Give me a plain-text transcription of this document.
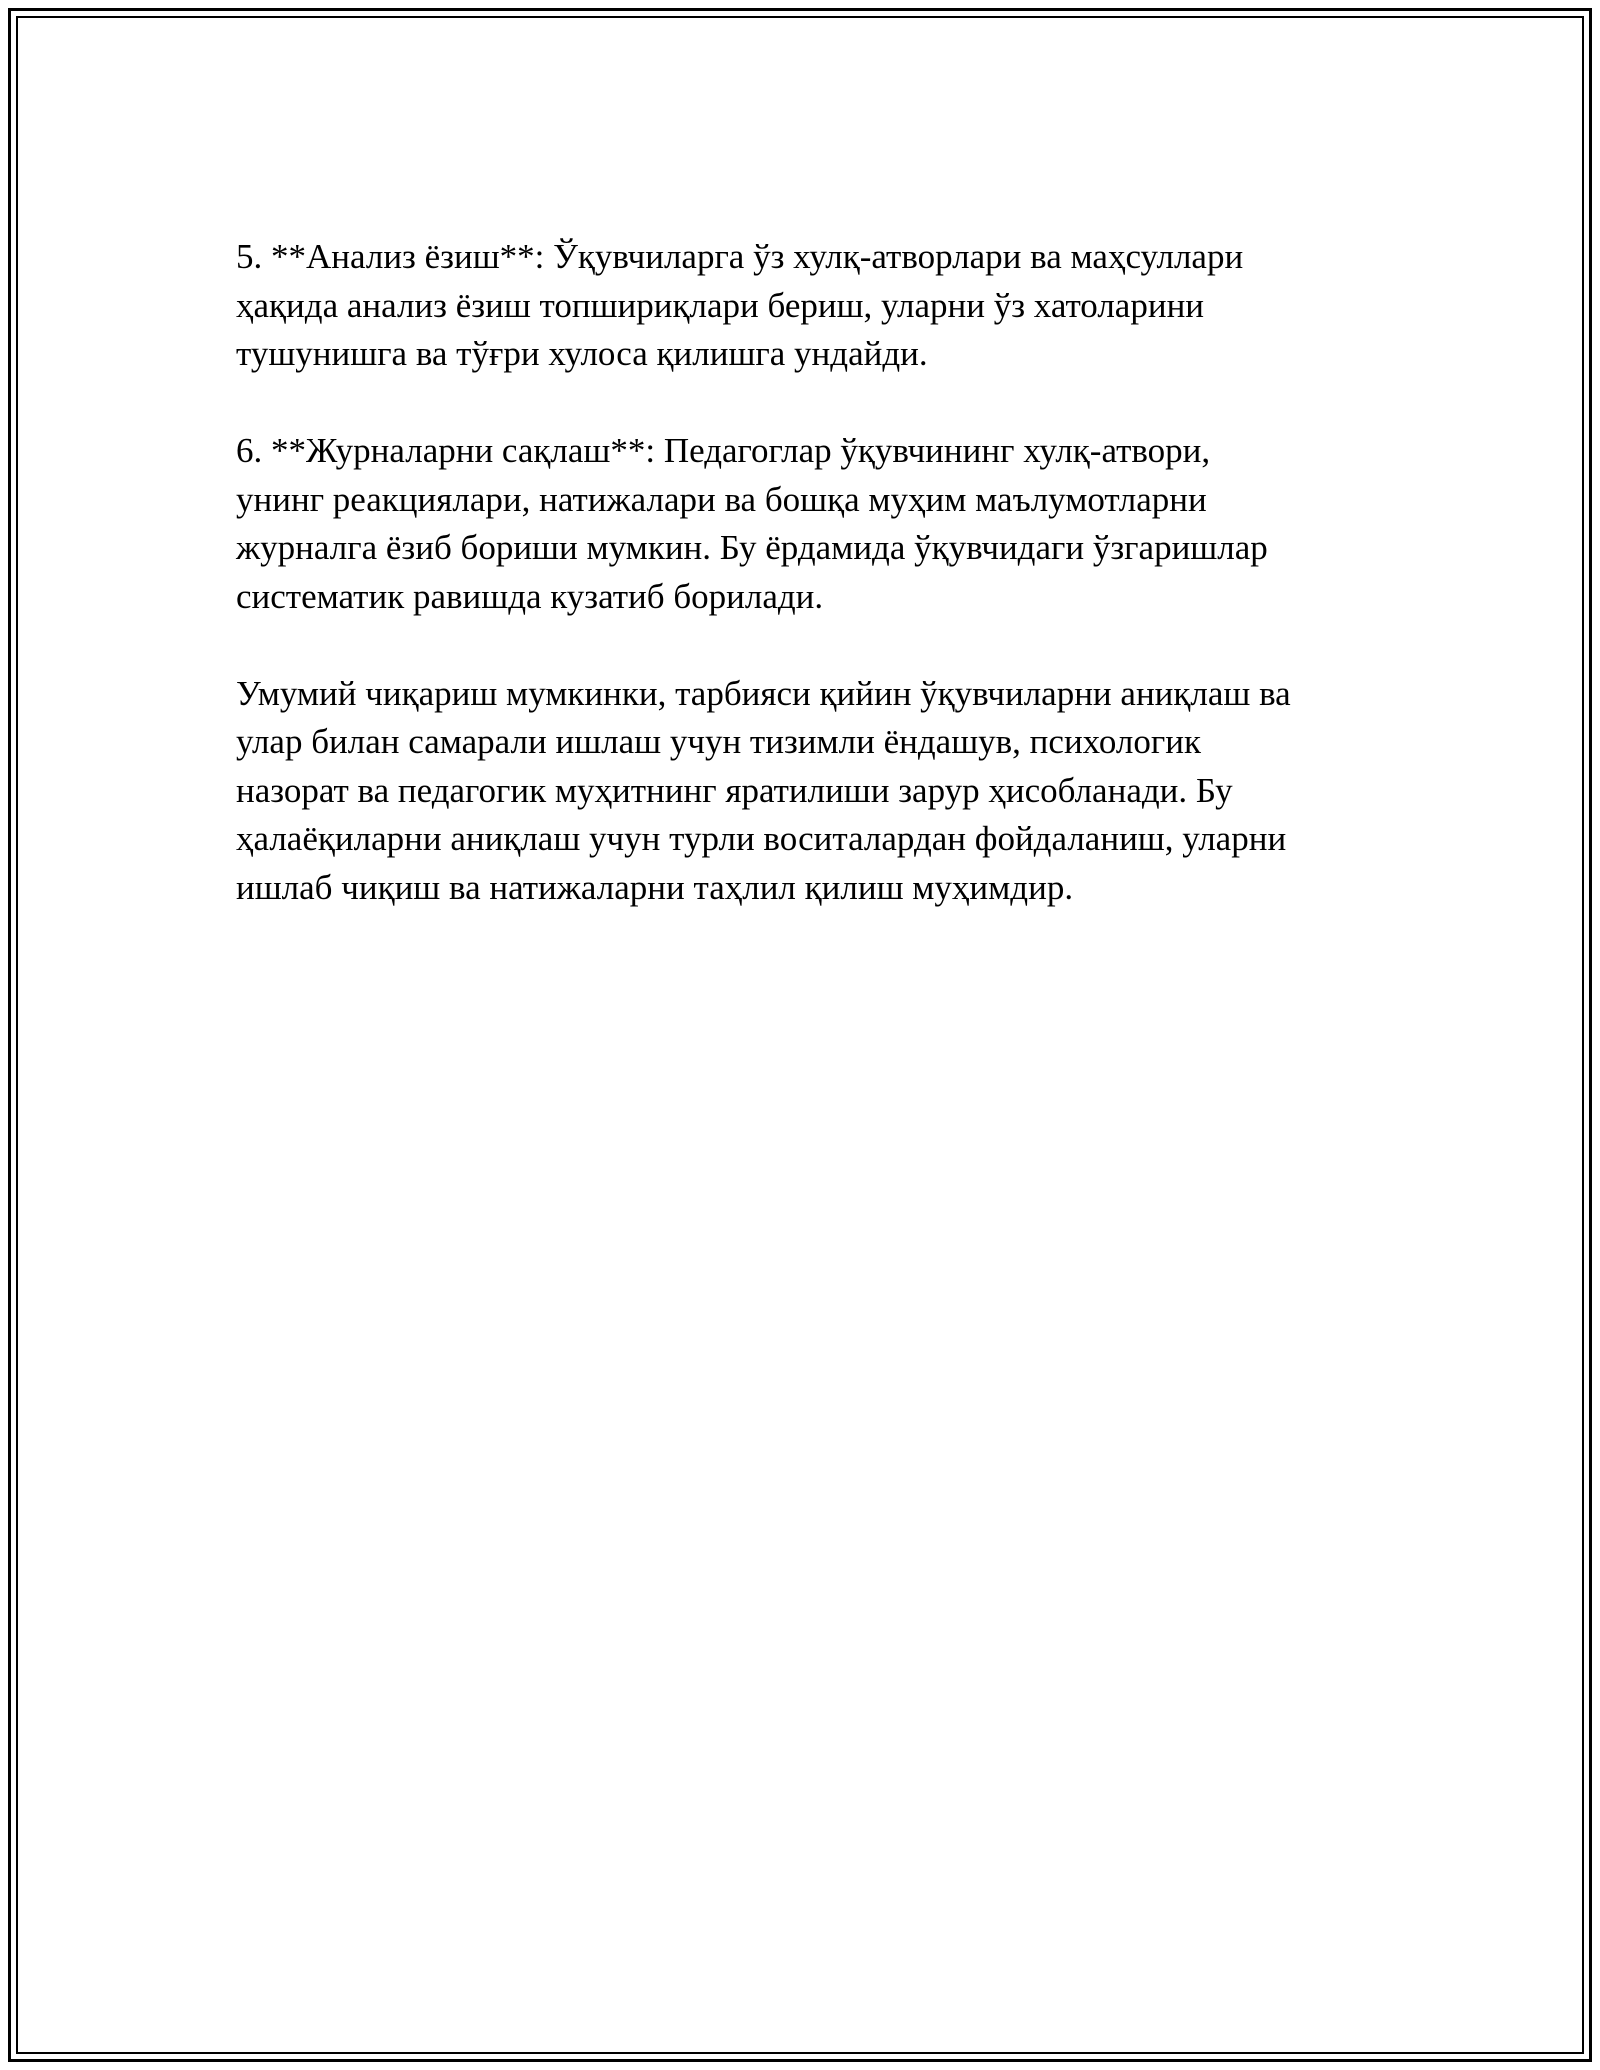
5. **Анализ ёзиш**: Ўқувчиларга ўз хулқ-атворлари ва маҳсуллари
ҳақида анализ ёзиш топшириқлари бериш, уларни ўз хатоларини
тушунишга ва тўғри хулоса қилишга ундайди.

6. **Журналарни сақлаш**: Педагоглар ўқувчининг хулқ-атвори,
унинг реакциялари, натижалари ва бошқа муҳим маълумотларни
журналга ёзиб бориши мумкин. Бу ёрдамида ўқувчидаги ўзгаришлар
систематик равишда кузатиб борилади.

Умумий чиқариш мумкинки, тарбияси қийин ўқувчиларни аниқлаш ва
улар билан самарали ишлаш учун тизимли ёндашув, психологик
назорат ва педагогик муҳитнинг яратилиши зарур ҳисобланади. Бу
ҳалаёқиларни аниқлаш учун турли воситалардан фойдаланиш, уларни
ишлаб чиқиш ва натижаларни таҳлил қилиш муҳимдир.
